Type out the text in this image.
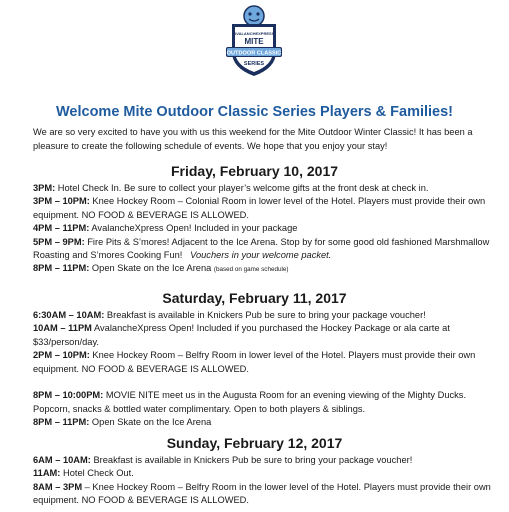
AVALANCHEXPRESS
MITE
OUTDOOR CLASSIC
SERIES
Welcome Mite Outdoor Classic Series Players & Families!
We are so very excited to have you with us this weekend for the Mite Outdoor Winter Classic! It has been a pleasure to create the following schedule of events. We hope that you enjoy your stay!
Friday, February 10, 2017

3PM: Hotel Check In. Be sure to collect your player’s welcome gifts at the front desk at check in.

3PM – 10PM: Knee Hockey Room – Colonial Room in lower level of the Hotel. Players must provide their own equipment. NO FOOD & BEVERAGE IS ALLOWED.

4PM – 11PM: AvalancheXpress Open! Included in your package

5PM – 9PM: Fire Pits & S’mores! Adjacent to the Ice Arena. Stop by for some good old fashioned Marshmallow Roasting and S’mores Cooking Fun! Vouchers in your welcome packet.

8PM – 11PM: Open Skate on the Ice Arena (based on game schedule)

Saturday, February 11, 2017

6:30AM – 10AM: Breakfast is available in Knickers Pub be sure to bring your package voucher!

10AM – 11PM AvalancheXpress Open! Included if you purchased the Hockey Package or ala carte at $33/person/day.

2PM – 10PM: Knee Hockey Room – Belfry Room in lower level of the Hotel. Players must provide their own equipment. NO FOOD & BEVERAGE IS ALLOWED.

8PM – 10:00PM: MOVIE NITE meet us in the Augusta Room for an evening viewing of the Mighty Ducks. Popcorn, snacks & bottled water complimentary. Open to both players & siblings.

8PM – 11PM: Open Skate on the Ice Arena

Sunday, February 12, 2017

6AM – 10AM: Breakfast is available in Knickers Pub be sure to bring your package voucher!

11AM: Hotel Check Out.

8AM – 3PM – Knee Hockey Room – Belfry Room in the lower level of the Hotel. Players must provide their own equipment. NO FOOD & BEVERAGE IS ALLOWED.
